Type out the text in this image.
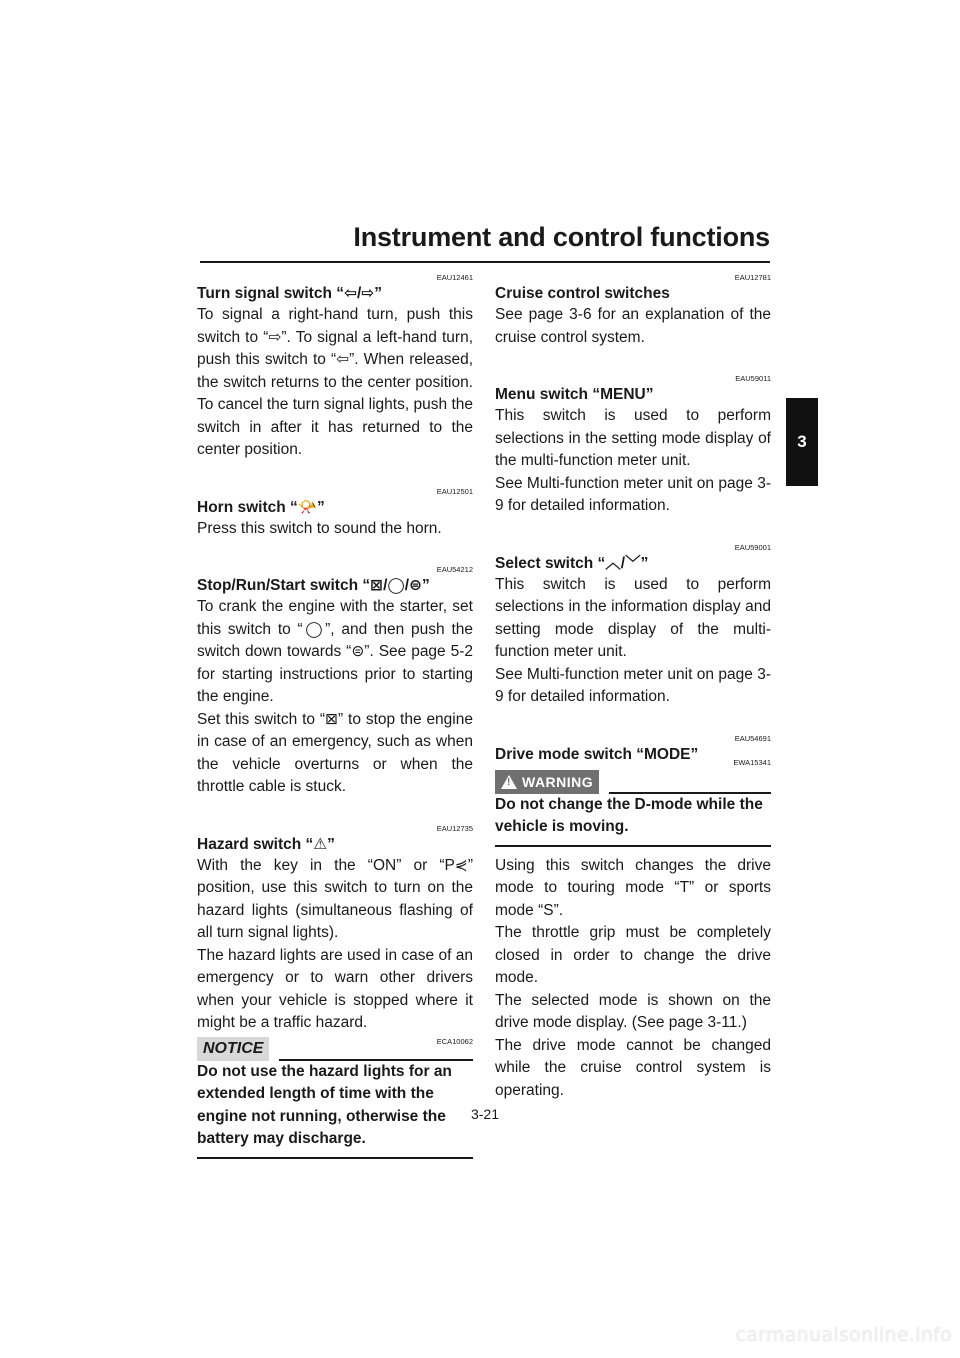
Instrument and control functions
3
EAU12461
Turn signal switch “⇦/⇨”

To signal a right-hand turn, push this switch to “⇨”. To signal a left-hand turn, push this switch to “⇦”. When released, the switch returns to the center position. To cancel the turn signal lights, push the switch in after it has returned to the center position.

EAU12501
Horn switch “📯”

Press this switch to sound the horn.

EAU54212
Stop/Run/Start switch “⊠/◯/⊜”

To crank the engine with the starter, set this switch to “◯”, and then push the switch down towards “⊜”. See page 5-2 for starting instructions prior to starting the engine.

Set this switch to “⊠” to stop the engine in case of an emergency, such as when the vehicle overturns or when the throttle cable is stuck.

EAU12735
Hazard switch “⚠”

With the key in the “ON” or “P⋞” position, use this switch to turn on the hazard lights (simultaneous flashing of all turn signal lights).

The hazard lights are used in case of an emergency or to warn other drivers when your vehicle is stopped where it might be a traffic hazard.

NOTICE	ECA10062

Do not use the hazard lights for an extended length of time with the engine not running, otherwise the battery may discharge.

EAU12781
Cruise control switches

See page 3-6 for an explanation of the cruise control system.

EAU59011
Menu switch “MENU”

This switch is used to perform selections in the setting mode display of the multi-function meter unit.

See Multi-function meter unit on page 3-9 for detailed information.

EAU59001
Select switch “︿/﹀”

This switch is used to perform selections in the information display and setting mode display of the multi-function meter unit.

See Multi-function meter unit on page 3-9 for detailed information.

EAU54691
Drive mode switch “MODE”
! WARNING
EWA15341

Do not change the D-mode while the vehicle is moving.

Using this switch changes the drive mode to touring mode “T” or sports mode “S”.

The throttle grip must be completely closed in order to change the drive mode.

The selected mode is shown on the drive mode display. (See page 3-11.)

The drive mode cannot be changed while the cruise control system is operating.

3-21
carmanualsonline.info
